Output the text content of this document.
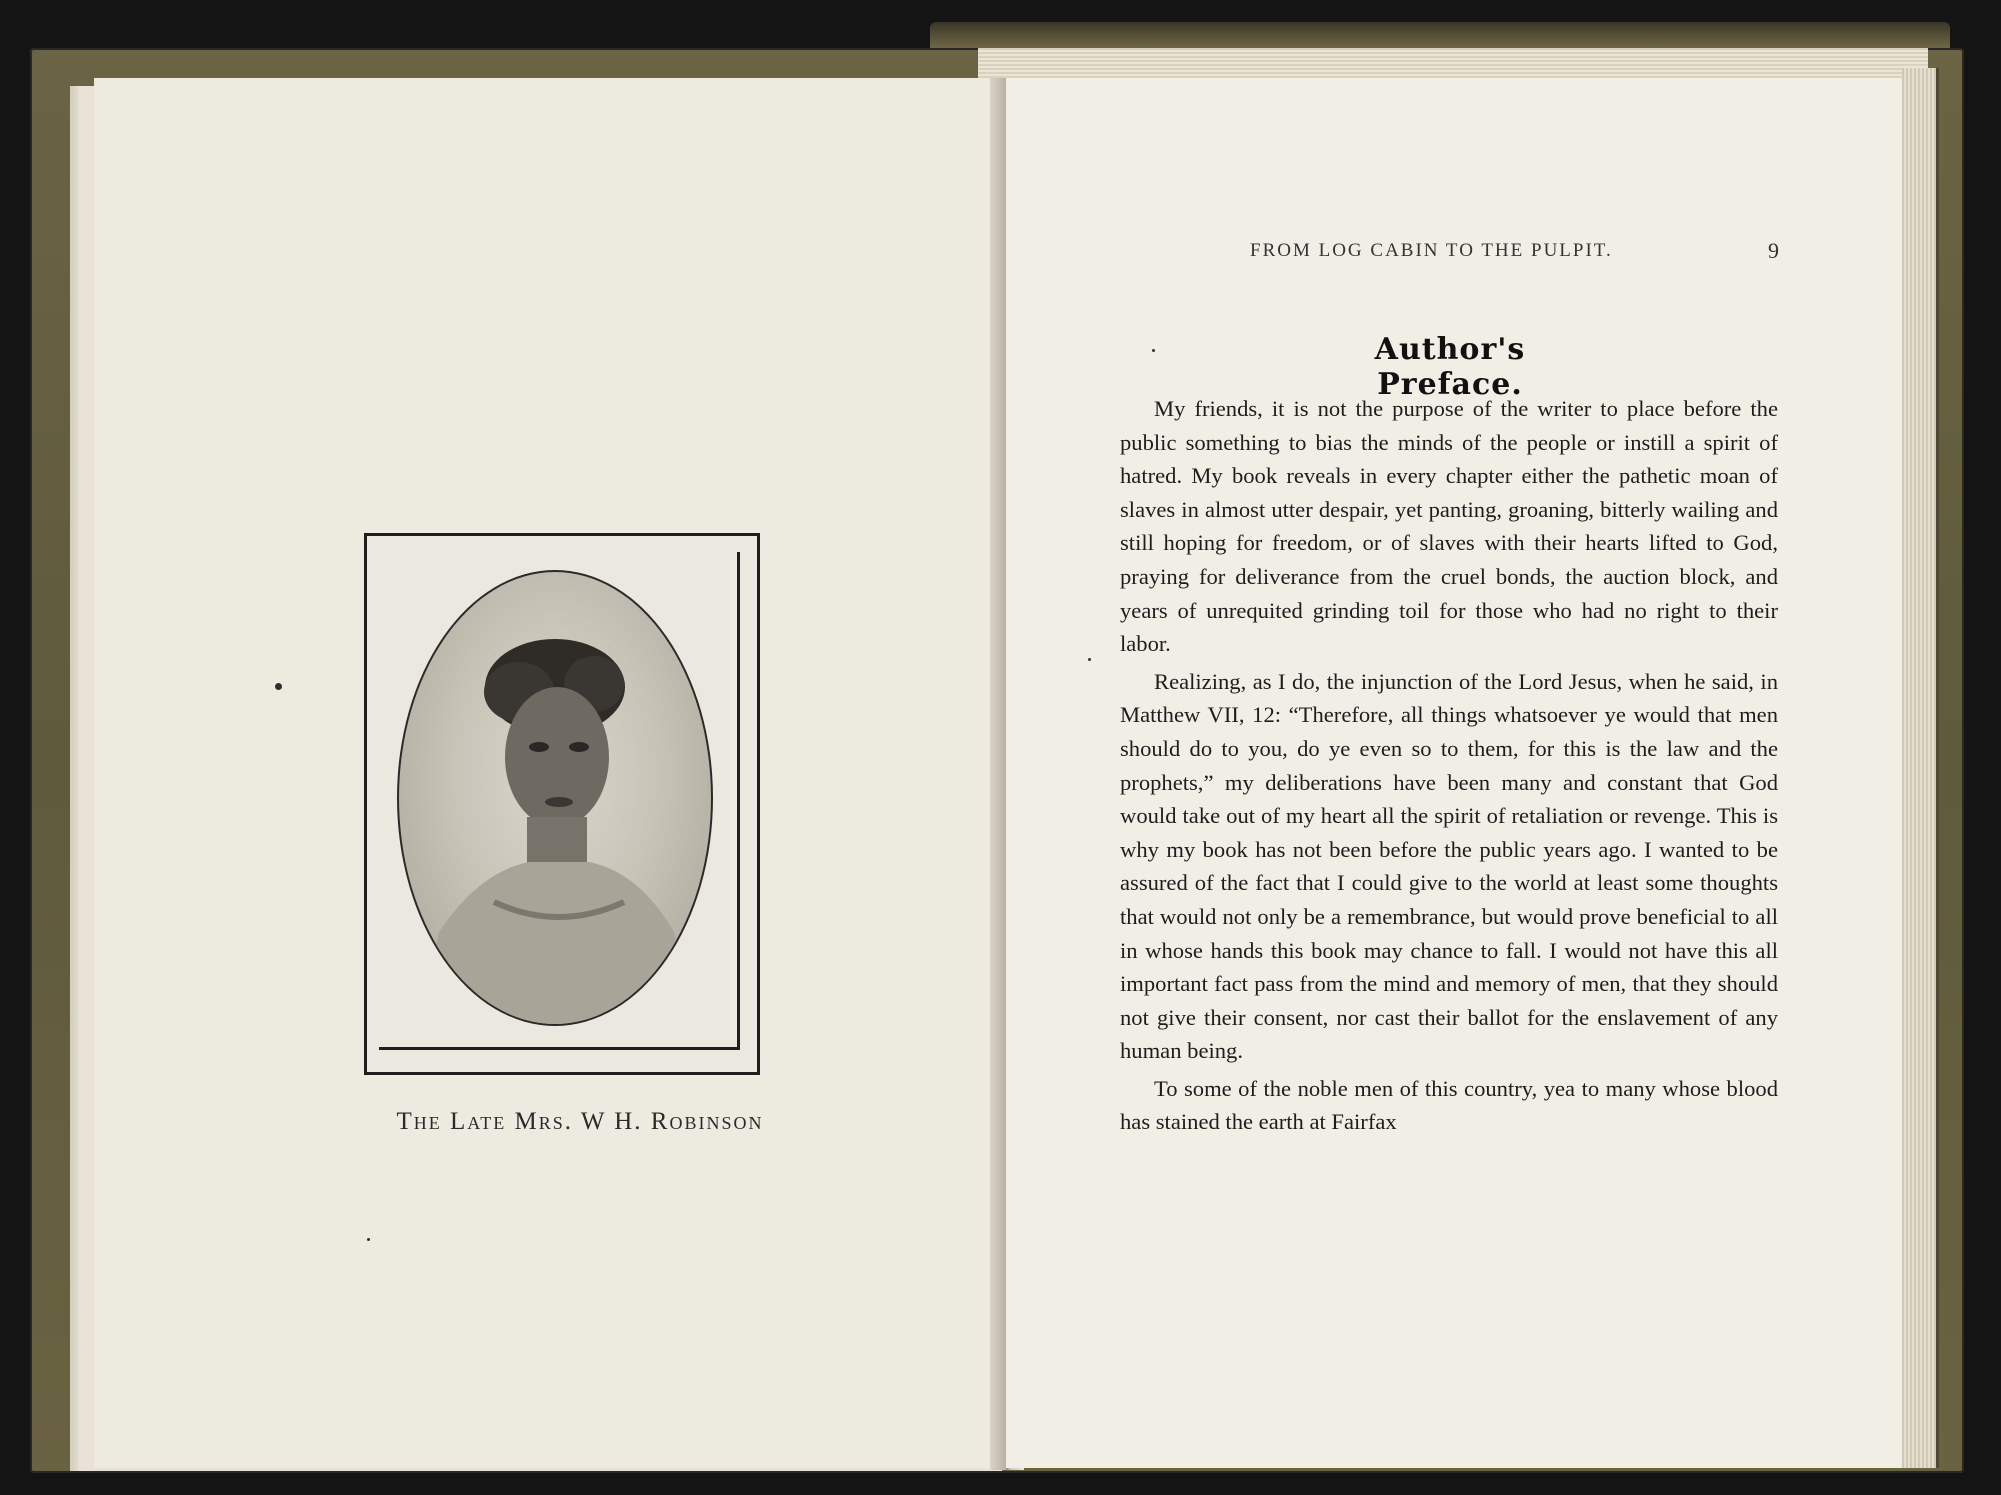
The Late Mrs. W H. Robinson
FROM LOG CABIN TO THE PULPIT.	9
Author's Preface.

My friends, it is not the purpose of the writer to place before the public something to bias the minds of the people or instill a spirit of hatred. My book reveals in every chapter either the pathetic moan of slaves in almost utter despair, yet panting, groaning, bitterly wailing and still hoping for freedom, or of slaves with their hearts lifted to God, praying for deliverance from the cruel bonds, the auction block, and years of unrequited grinding toil for those who had no right to their labor.

Realizing, as I do, the injunction of the Lord Jesus, when he said, in Matthew VII, 12: “Therefore, all things whatsoever ye would that men should do to you, do ye even so to them, for this is the law and the prophets,” my deliberations have been many and constant that God would take out of my heart all the spirit of retaliation or revenge. This is why my book has not been before the public years ago. I wanted to be assured of the fact that I could give to the world at least some thoughts that would not only be a remembrance, but would prove beneficial to all in whose hands this book may chance to fall. I would not have this all important fact pass from the mind and memory of men, that they should not give their consent, nor cast their ballot for the enslavement of any human being.

To some of the noble men of this country, yea to many whose blood has stained the earth at Fairfax
